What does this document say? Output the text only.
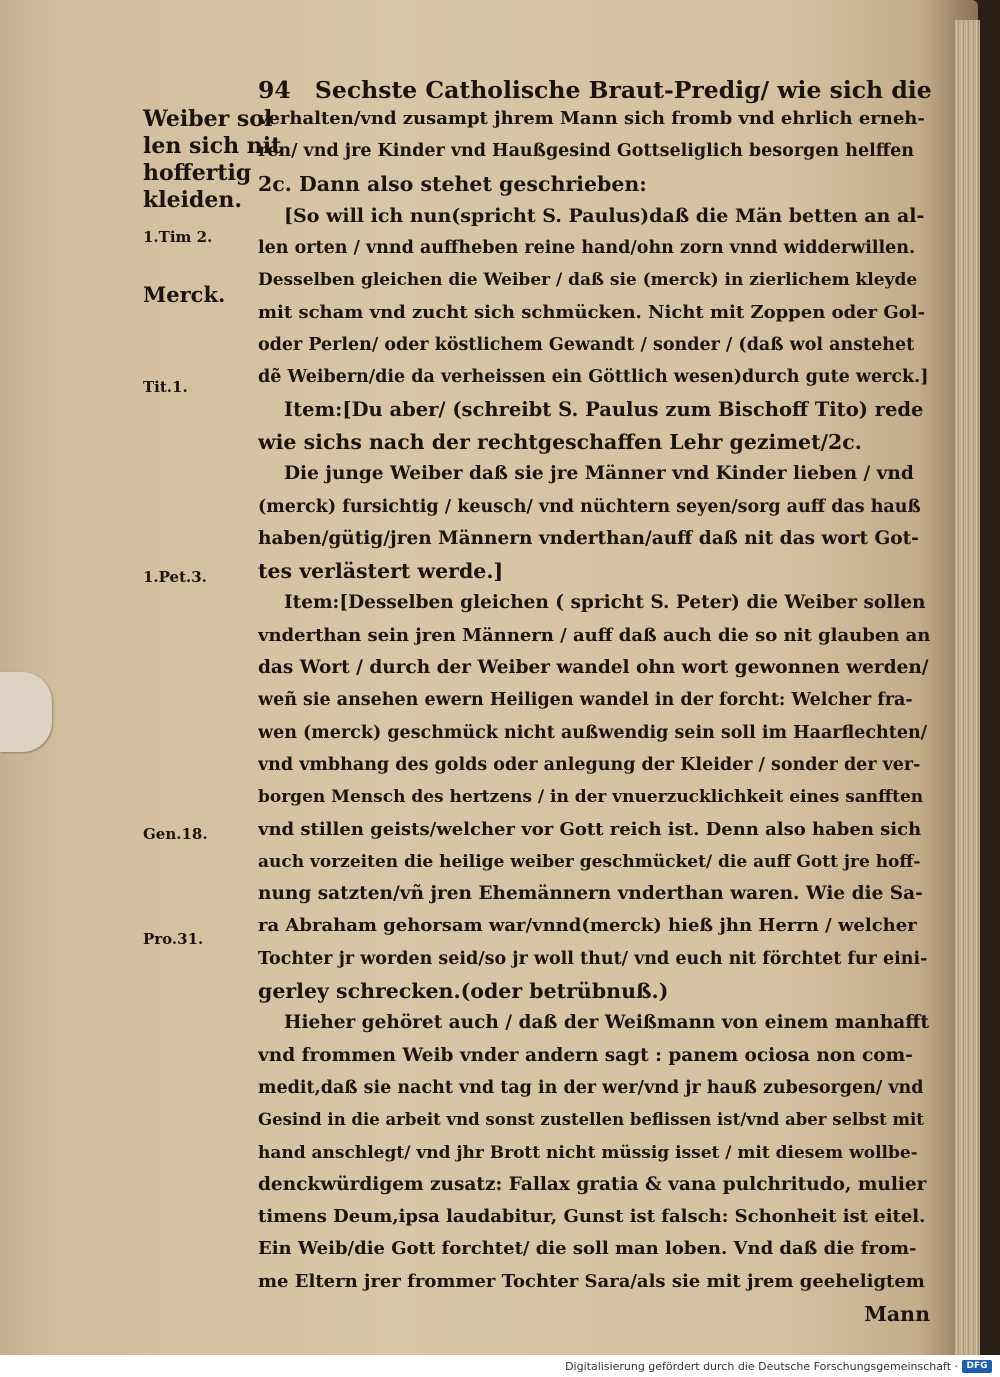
94 Sechste Catholische Braut-Predig/ wie sich die
Weiber sol
len sich nit
hoffertig
kleiden.
1.Tim 2.
Merck.
Tit.1.
1.Pet.3.
Gen.18.
Pro.31.
verhalten/vnd zusampt jhrem Mann sich fromb vnd ehrlich erneh-
ren/ vnd jre Kinder vnd Haußgesind Gottseliglich besorgen helffen
2c. Dann also stehet geschrieben:
[So will ich nun(spricht S. Paulus)daß die Män betten an al-
len orten / vnnd auffheben reine hand/ohn zorn vnnd widderwillen.
Desselben gleichen die Weiber / daß sie (merck) in zierlichem kleyde
mit scham vnd zucht sich schmücken. Nicht mit Zoppen oder Gol-
oder Perlen/ oder köstlichem Gewandt / sonder / (daß wol anstehet
dẽ Weibern/die da verheissen ein Göttlich wesen)durch gute werck.]
Item:[Du aber/ (schreibt S. Paulus zum Bischoff Tito) rede
wie sichs nach der rechtgeschaffen Lehr gezimet/2c.
Die junge Weiber daß sie jre Männer vnd Kinder lieben / vnd
(merck) fursichtig / keusch/ vnd nüchtern seyen/sorg auff das hauß
haben/gütig/jren Männern vnderthan/auff daß nit das wort Got-
tes verlästert werde.]
Item:[Desselben gleichen ( spricht S. Peter) die Weiber sollen
vnderthan sein jren Männern / auff daß auch die so nit glauben an
das Wort / durch der Weiber wandel ohn wort gewonnen werden/
weñ sie ansehen ewern Heiligen wandel in der forcht: Welcher fra-
wen (merck) geschmück nicht außwendig sein soll im Haarflechten/
vnd vmbhang des golds oder anlegung der Kleider / sonder der ver-
borgen Mensch des hertzens / in der vnuerzucklichkeit eines sanfften
vnd stillen geists/welcher vor Gott reich ist. Denn also haben sich
auch vorzeiten die heilige weiber geschmücket/ die auff Gott jre hoff-
nung satzten/vñ jren Ehemännern vnderthan waren. Wie die Sa-
ra Abraham gehorsam war/vnnd(merck) hieß jhn Herrn / welcher
Tochter jr worden seid/so jr woll thut/ vnd euch nit förchtet fur eini-
gerley schrecken.(oder betrübnuß.)
Hieher gehöret auch / daß der Weißmann von einem manhafft
vnd frommen Weib vnder andern sagt : panem ociosa non com-
medit,daß sie nacht vnd tag in der wer/vnd jr hauß zubesorgen/ vnd
Gesind in die arbeit vnd sonst zustellen beflissen ist/vnd aber selbst mit
hand anschlegt/ vnd jhr Brott nicht müssig isset / mit diesem wollbe-
denckwürdigem zusatz: Fallax gratia & vana pulchritudo, mulier
timens Deum,ipsa laudabitur, Gunst ist falsch: Schonheit ist eitel.
Ein Weib/die Gott forchtet/ die soll man loben. Vnd daß die from-
me Eltern jrer frommer Tochter Sara/als sie mit jrem geeheligtem
Mann
Digitalisierung gefördert durch die Deutsche Forschungsgemeinschaft · DFG
